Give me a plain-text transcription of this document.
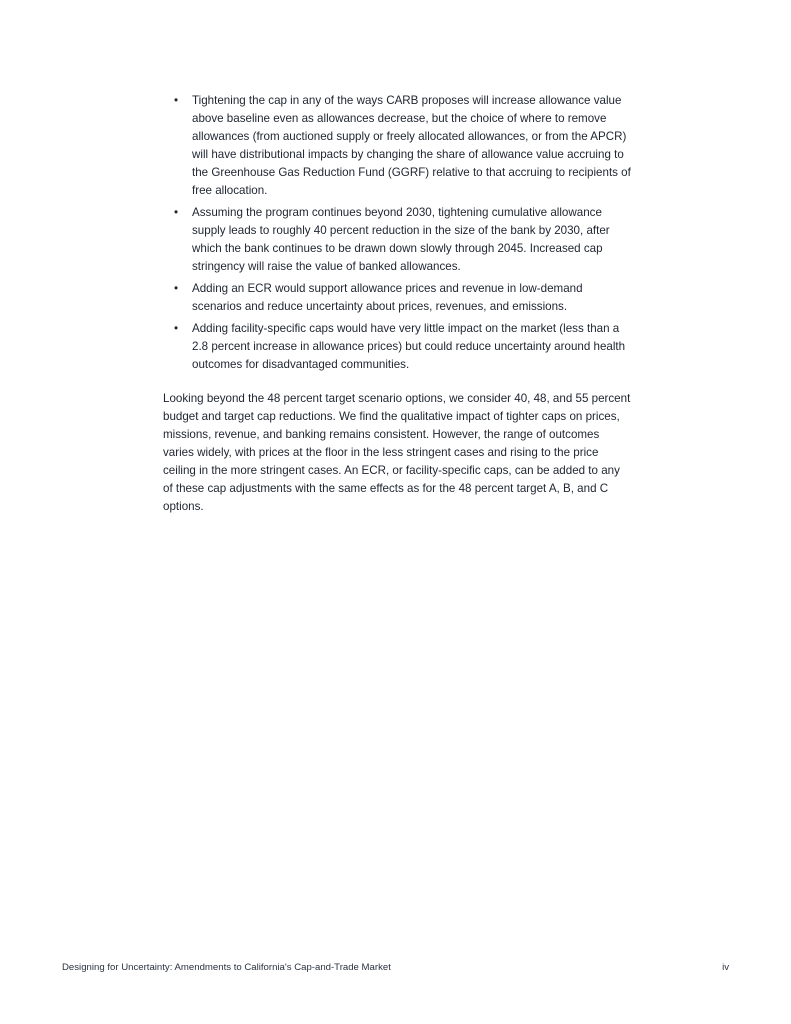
• Tightening the cap in any of the ways CARB proposes will increase allowance value above baseline even as allowances decrease, but the choice of where to remove allowances (from auctioned supply or freely allocated allowances, or from the APCR) will have distributional impacts by changing the share of allowance value accruing to the Greenhouse Gas Reduction Fund (GGRF) relative to that accruing to recipients of free allocation.
• Assuming the program continues beyond 2030, tightening cumulative allowance supply leads to roughly 40 percent reduction in the size of the bank by 2030, after which the bank continues to be drawn down slowly through 2045. Increased cap stringency will raise the value of banked allowances.
• Adding an ECR would support allowance prices and revenue in low-demand scenarios and reduce uncertainty about prices, revenues, and emissions.
• Adding facility-specific caps would have very little impact on the market (less than a 2.8 percent increase in allowance prices) but could reduce uncertainty around health outcomes for disadvantaged communities.

Looking beyond the 48 percent target scenario options, we consider 40, 48, and 55 percent budget and target cap reductions. We find the qualitative impact of tighter caps on prices, missions, revenue, and banking remains consistent. However, the range of outcomes varies widely, with prices at the floor in the less stringent cases and rising to the price ceiling in the more stringent cases. An ECR, or facility-specific caps, can be added to any of these cap adjustments with the same effects as for the 48 percent target A, B, and C options.

Designing for Uncertainty: Amendments to California's Cap-and-Trade Market	iv
